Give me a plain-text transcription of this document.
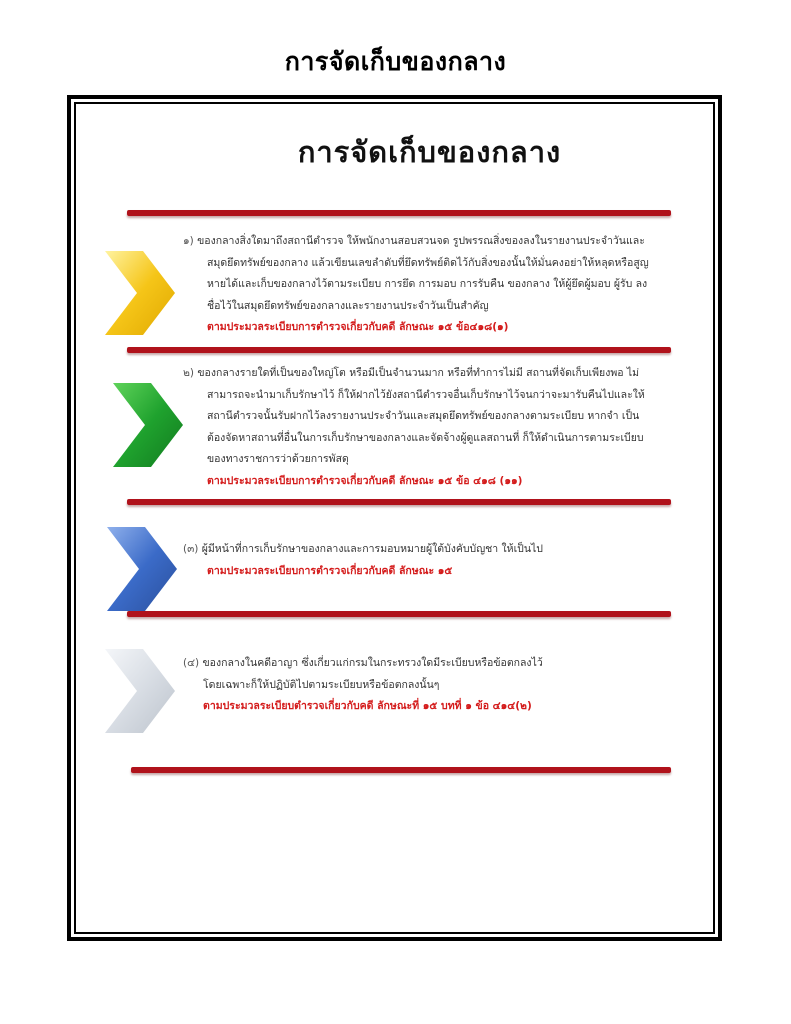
การจัดเก็บของกลาง
การจัดเก็บของกลาง
๑) ของกลางสิ่งใดมาถึงสถานีตำรวจ ให้พนักงานสอบสวนจด รูปพรรณสิ่งของลงในรายงานประจำวันและ
สมุดยึดทรัพย์ของกลาง แล้วเขียนเลขลำดับที่ยึดทรัพย์ติดไว้กับสิ่งของนั้นให้มั่นคงอย่าให้หลุดหรือสูญ
หายได้และเก็บของกลางไว้ตามระเบียบ การยึด การมอบ การรับคืน ของกลาง ให้ผู้ยึดผู้มอบ ผู้รับ ลง
ชื่อไว้ในสมุดยึดทรัพย์ของกลางและรายงานประจำวันเป็นสำคัญ
ตามประมวลระเบียบการตำรวจเกี่ยวกับคดี ลักษณะ ๑๕ ข้อ๔๑๘(๑)
๒) ของกลางรายใดที่เป็นของใหญ่โต หรือมีเป็นจำนวนมาก หรือที่ทำการไม่มี สถานที่จัดเก็บเพียงพอ ไม่
สามารถจะนำมาเก็บรักษาไว้ ก็ให้ฝากไว้ยังสถานีตำรวจอื่นเก็บรักษาไว้จนกว่าจะมารับคืนไปและให้
สถานีตำรวจนั้นรับฝากไว้ลงรายงานประจำวันและสมุดยึดทรัพย์ของกลางตามระเบียบ หากจำ เป็น
ต้องจัดหาสถานที่อื่นในการเก็บรักษาของกลางและจัดจ้างผู้ดูแลสถานที่ ก็ให้ดำเนินการตามระเบียบ
ของทางราชการว่าด้วยการพัสดุ
ตามประมวลระเบียบการตำรวจเกี่ยวกับคดี ลักษณะ ๑๕ ข้อ ๔๑๘ (๑๑)
(๓) ผู้มีหน้าที่การเก็บรักษาของกลางและการมอบหมายผู้ใต้บังคับบัญชา ให้เป็นไป
ตามประมวลระเบียบการตำรวจเกี่ยวกับคดี ลักษณะ ๑๕
(๔) ของกลางในคดีอาญา ซึ่งเกี่ยวแก่กรมในกระทรวงใดมีระเบียบหรือข้อตกลงไว้
โดยเฉพาะก็ให้ปฏิบัติไปตามระเบียบหรือข้อตกลงนั้นๆ
ตามประมวลระเบียบตำรวจเกี่ยวกับคดี ลักษณะที่ ๑๕ บทที่ ๑ ข้อ ๔๑๔(๒)
